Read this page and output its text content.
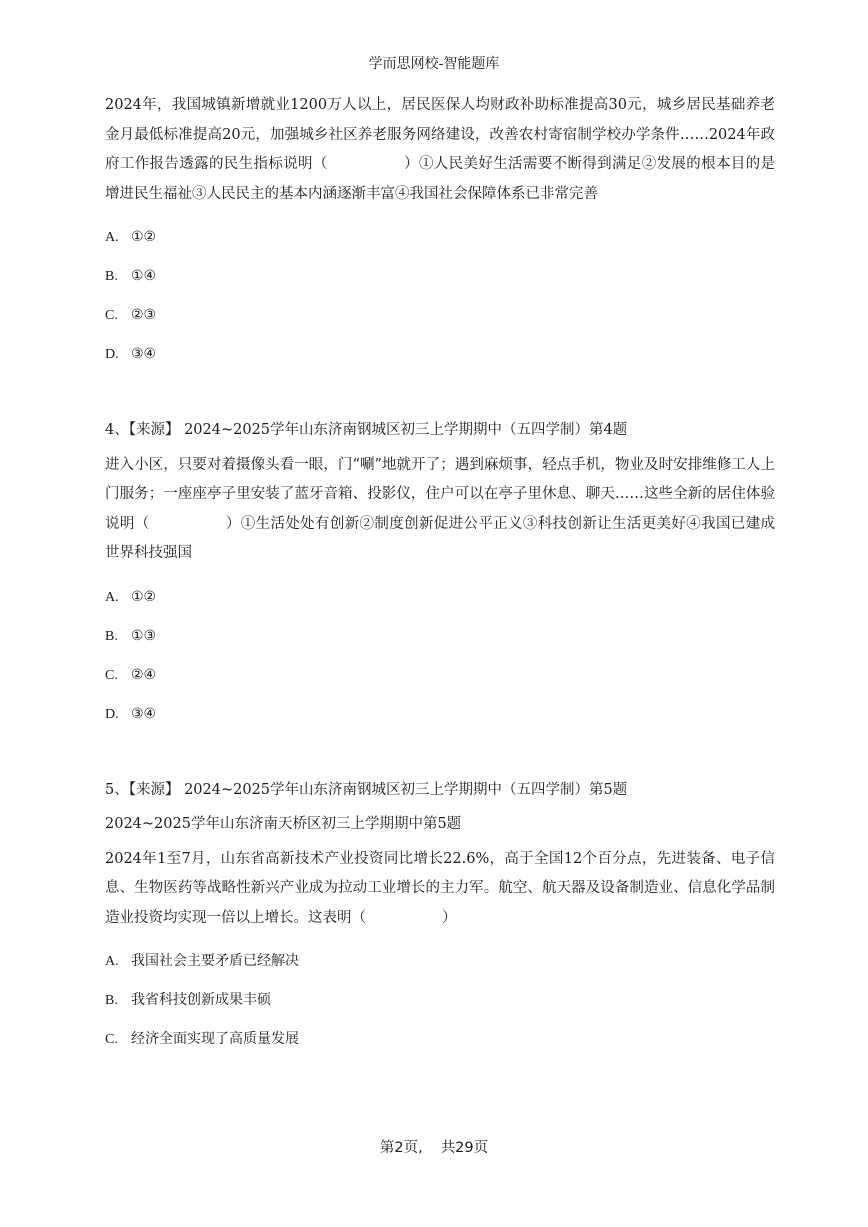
学而思网校-智能题库

2024年，我国城镇新增就业1200万人以上，居民医保人均财政补助标准提高30元，城乡居民基础养老金月最低标准提高20元，加强城乡社区养老服务网络建设，改善农村寄宿制学校办学条件……2024年政府工作报告透露的民生指标说明（	）①人民美好生活需要不断得到满足②发展的根本目的是增进民生福祉③人民民主的基本内涵逐渐丰富④我国社会保障体系已非常完善

A. ①②
B. ①④
C. ②③
D. ③④

4、【来源】 2024~2025学年山东济南钢城区初三上学期期中（五四学制）第4题

进入小区，只要对着摄像头看一眼，门“唰”地就开了；遇到麻烦事，轻点手机，物业及时安排维修工人上门服务；一座座亭子里安装了蓝牙音箱、投影仪，住户可以在亭子里休息、聊天……这些全新的居住体验说明（	）①生活处处有创新②制度创新促进公平正义③科技创新让生活更美好④我国已建成世界科技强国

A. ①②
B. ①③
C. ②④
D. ③④

5、【来源】 2024~2025学年山东济南钢城区初三上学期期中（五四学制）第5题

2024~2025学年山东济南天桥区初三上学期期中第5题

2024年1至7月，山东省高新技术产业投资同比增长22.6%，高于全国12个百分点，先进装备、电子信息、生物医药等战略性新兴产业成为拉动工业增长的主力军。航空、航天器及设备制造业、信息化学品制造业投资均实现一倍以上增长。这表明（	）

A. 我国社会主要矛盾已经解决
B. 我省科技创新成果丰硕
C. 经济全面实现了高质量发展
第2页, 共29页
